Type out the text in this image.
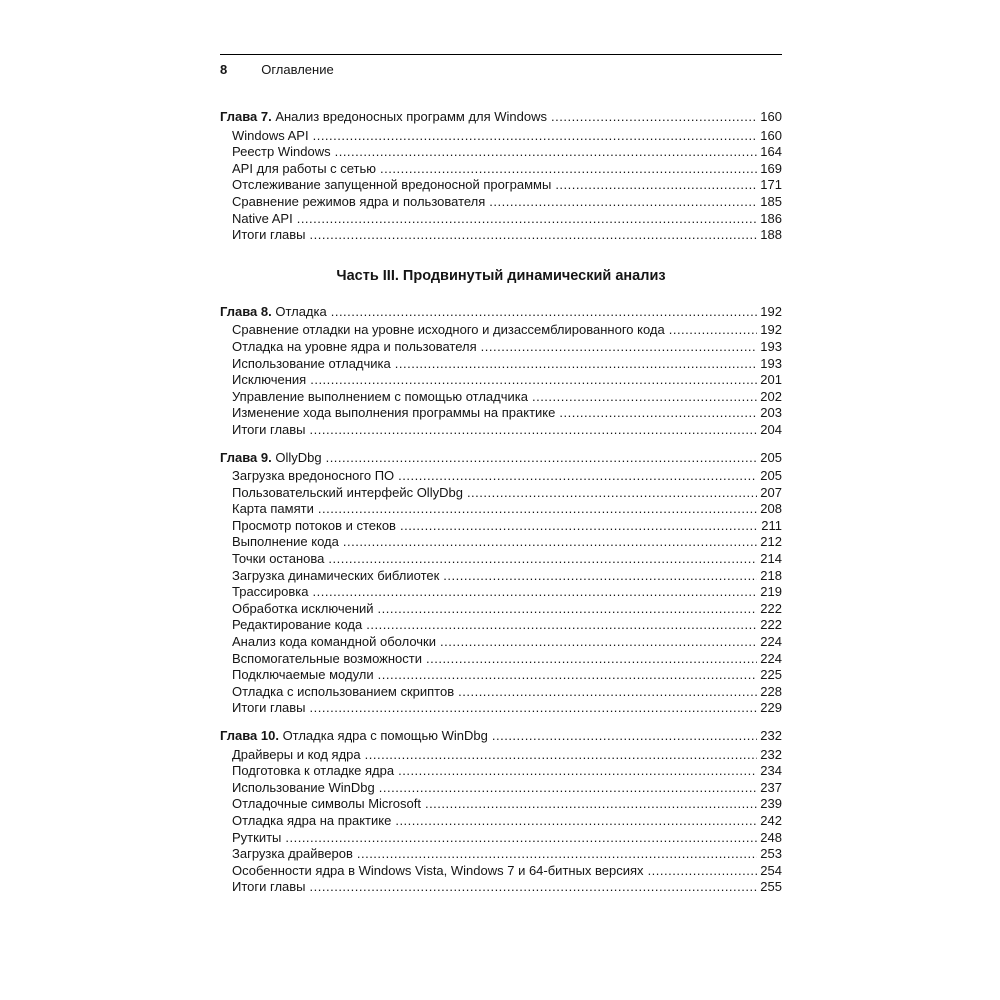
8	Оглавление
Глава 7. Анализ вредоносных программ для Windows .....	160
Windows API .....	160
Реестр Windows .....	164
API для работы с сетью .....	169
Отслеживание запущенной вредоносной программы .....	171
Сравнение режимов ядра и пользователя .....	185
Native API .....	186
Итоги главы .....	188
Часть III. Продвинутый динамический анализ
Глава 8. Отладка .....	192
Сравнение отладки на уровне исходного и дизассемблированного кода .....	192
Отладка на уровне ядра и пользователя .....	193
Использование отладчика .....	193
Исключения .....	201
Управление выполнением с помощью отладчика .....	202
Изменение хода выполнения программы на практике .....	203
Итоги главы .....	204
Глава 9. OllyDbg .....	205
Загрузка вредоносного ПО .....	205
Пользовательский интерфейс OllyDbg .....	207
Карта памяти .....	208
Просмотр потоков и стеков .....	211
Выполнение кода .....	212
Точки останова .....	214
Загрузка динамических библиотек .....	218
Трассировка .....	219
Обработка исключений .....	222
Редактирование кода .....	222
Анализ кода командной оболочки .....	224
Вспомогательные возможности .....	224
Подключаемые модули .....	225
Отладка с использованием скриптов .....	228
Итоги главы .....	229
Глава 10. Отладка ядра с помощью WinDbg .....	232
Драйверы и код ядра .....	232
Подготовка к отладке ядра .....	234
Использование WinDbg .....	237
Отладочные символы Microsoft .....	239
Отладка ядра на практике .....	242
Руткиты .....	248
Загрузка драйверов .....	253
Особенности ядра в Windows Vista, Windows 7 и 64-битных версиях .....	254
Итоги главы .....	255
